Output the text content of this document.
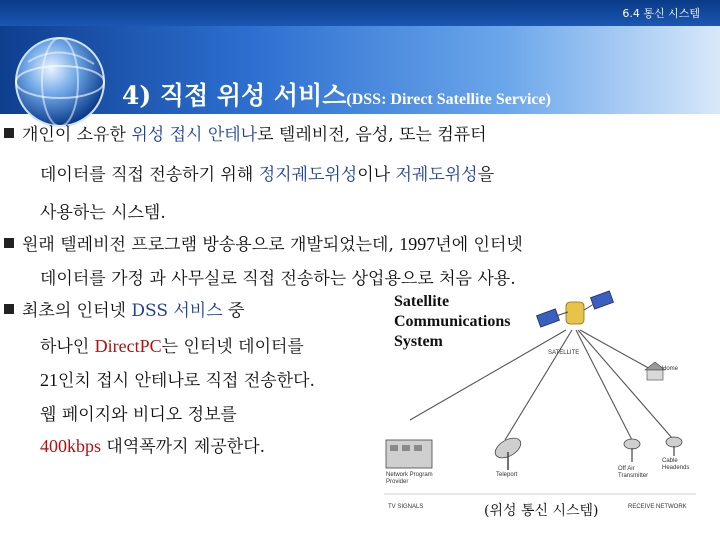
6.4 통신 시스템
4) 직접 위성 서비스(DSS: Direct Satellite Service)
개인이 소유한 위성 접시 안테나로 텔레비전, 음성, 또는 컴퓨터
데이터를 직접 전송하기 위해 정지궤도위성이나 저궤도위성을
사용하는 시스템.
원래 텔레비전 프로그램 방송용으로 개발되었는데, 1997년에 인터넷
데이터를 가정 과 사무실로 직접 전송하는 상업용으로 처음 사용.
최초의 인터넷 DSS 서비스 중
하나인 DirectPC는 인터넷 데이터를
21인치 접시 안테나로 직접 전송한다.
웹 페이지와 비디오 정보를
400kbps 대역폭까지 제공한다.
Satellite Communications System
SATELLITE
Home
Cable Headends
Off Air Transmitter
Teleport
Network Program Provider
TV SIGNALS	RECEIVE NETWORK
(위성 통신 시스템)
